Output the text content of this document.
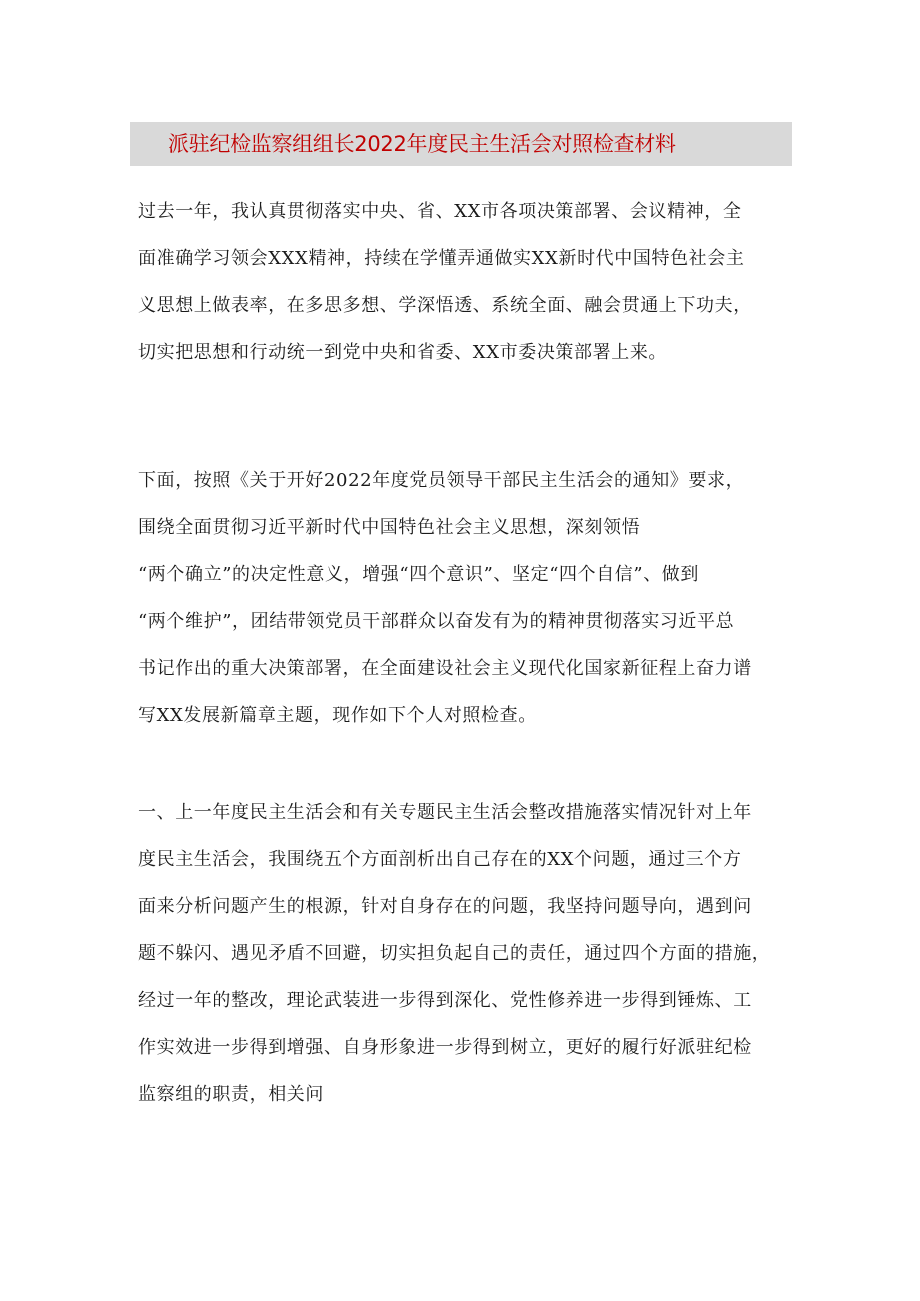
派驻纪检监察组组长2022年度民主生活会对照检查材料
过去一年，我认真贯彻落实中央、省、XX市各项决策部署、会议精神，全
面准确学习领会XXX精神，持续在学懂弄通做实XX新时代中国特色社会主
义思想上做表率，在多思多想、学深悟透、系统全面、融会贯通上下功夫，
切实把思想和行动统一到党中央和省委、XX市委决策部署上来。
下面，按照《关于开好2022年度党员领导干部民主生活会的通知》要求，
围绕全面贯彻习近平新时代中国特色社会主义思想，深刻领悟
“两个确立”的决定性意义，增强“四个意识”、坚定“四个自信”、做到
“两个维护”，团结带领党员干部群众以奋发有为的精神贯彻落实习近平总
书记作出的重大决策部署，在全面建设社会主义现代化国家新征程上奋力谱
写XX发展新篇章主题，现作如下个人对照检查。
一、上一年度民主生活会和有关专题民主生活会整改措施落实情况针对上年
度民主生活会，我围绕五个方面剖析出自己存在的XX个问题，通过三个方
面来分析问题产生的根源，针对自身存在的问题，我坚持问题导向，遇到问
题不躲闪、遇见矛盾不回避，切实担负起自己的责任，通过四个方面的措施，
经过一年的整改，理论武装进一步得到深化、党性修养进一步得到锤炼、工
作实效进一步得到增强、自身形象进一步得到树立，更好的履行好派驻纪检
监察组的职责，相关问
